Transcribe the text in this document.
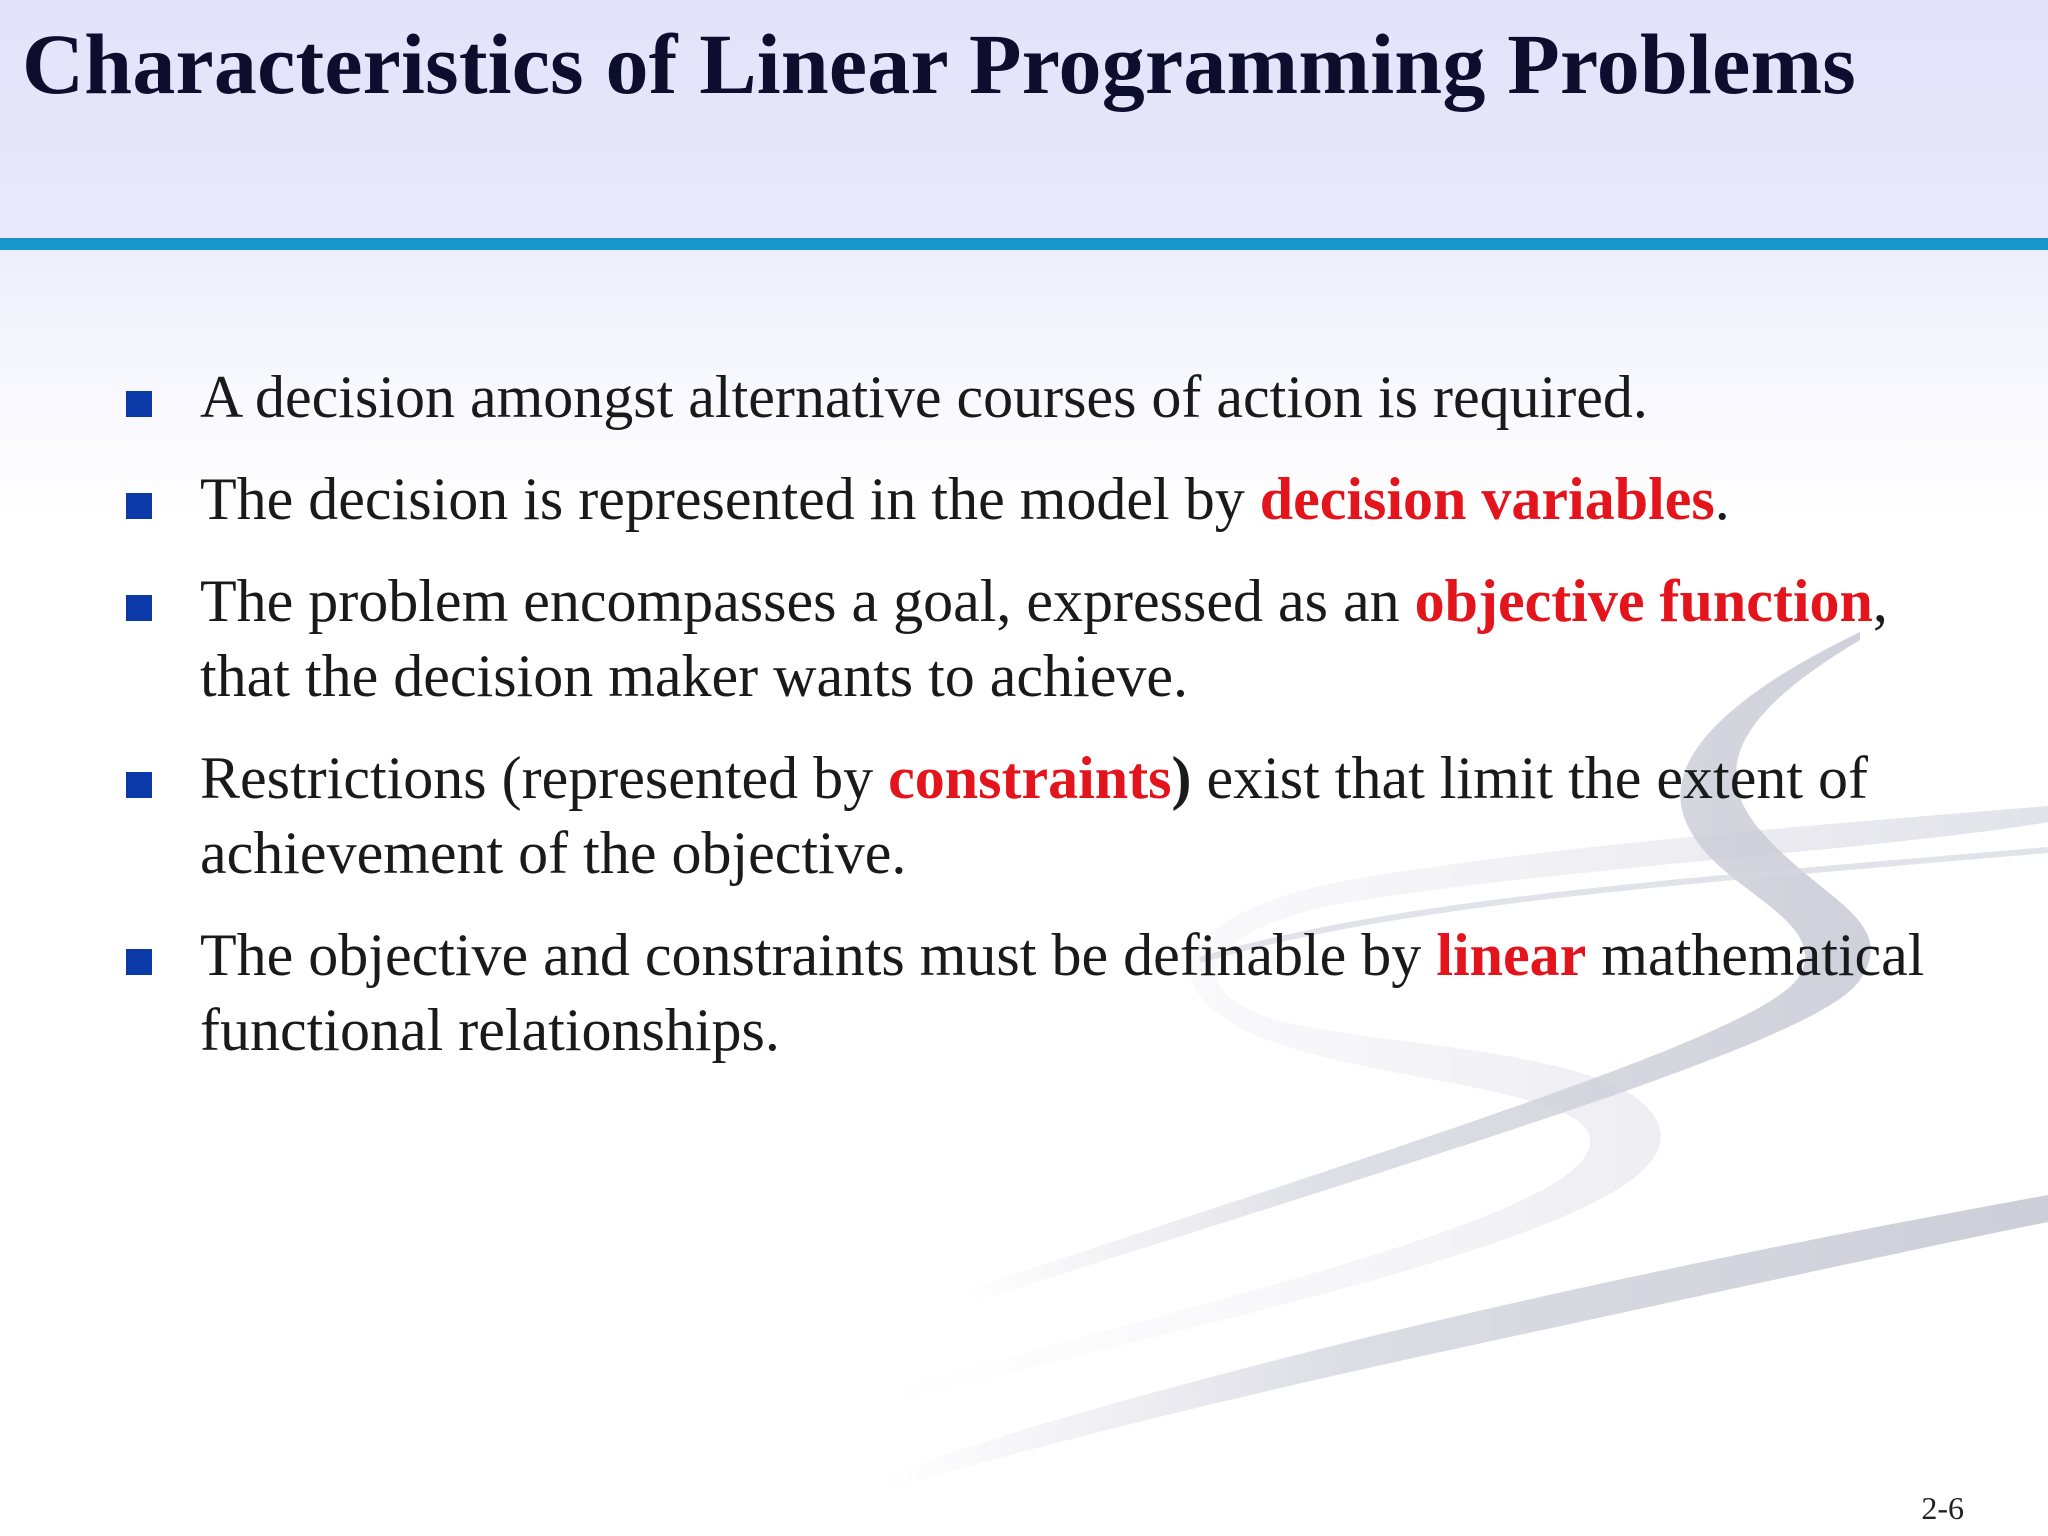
Characteristics of Linear Programming Problems
A decision amongst alternative courses of action is required.
The decision is represented in the model by decision variables.
The problem encompasses a goal, expressed as an objective function, that the decision maker wants to achieve.
Restrictions (represented by constraints) exist that limit the extent of achievement of the objective.
The objective and constraints must be definable by linear mathematical functional relationships.
2-6
